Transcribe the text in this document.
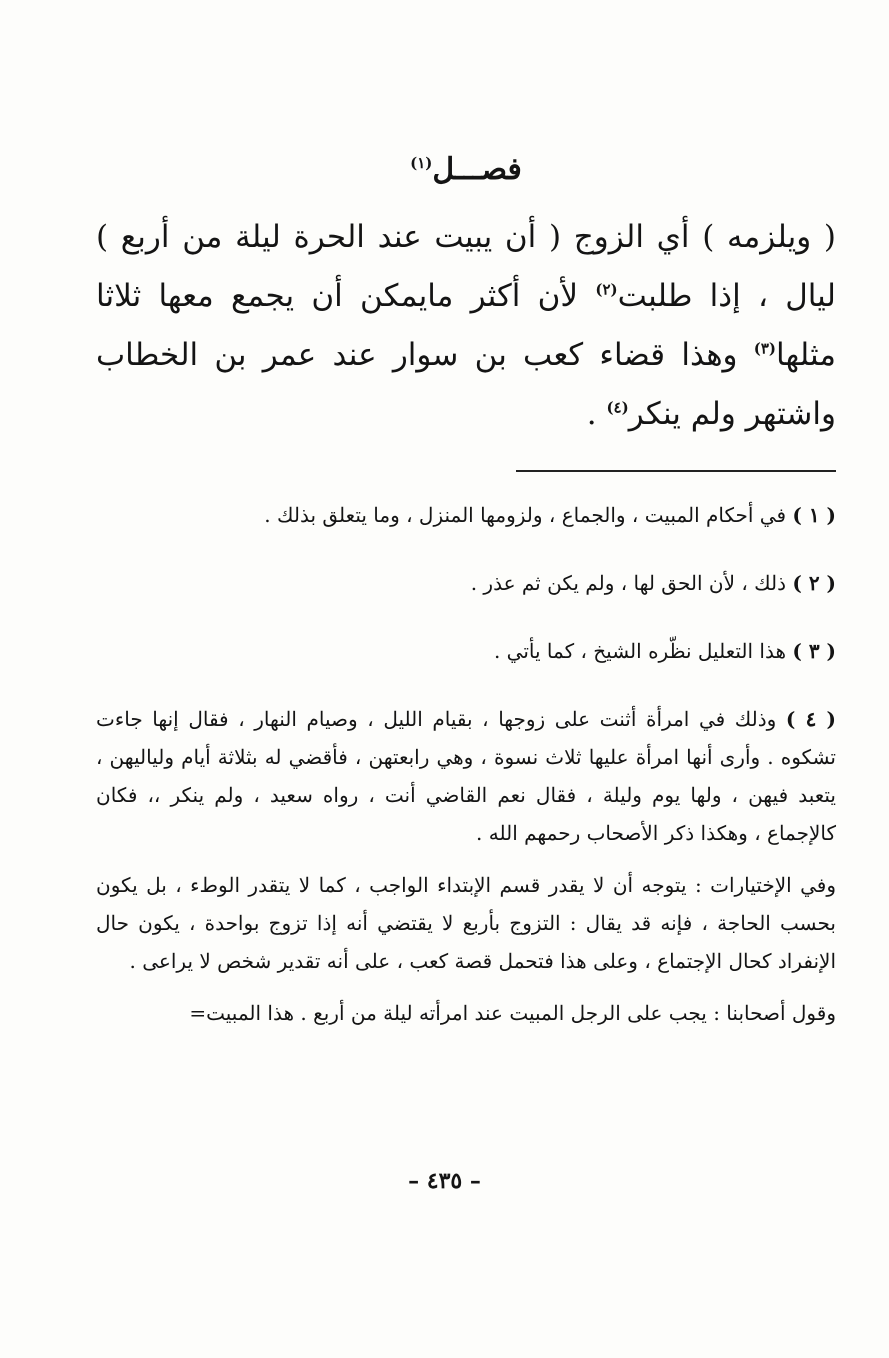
فصـــل$^{(١)}$

( ويلزمه ) أي الزوج ( أن يبيت عند الحرة ليلة من أربع ) ليال ، إذا طلبت$^{(٢)}$ لأن أكثر مايمكن أن يجمع معها ثلاثا مثلها$^{(٣)}$ وهذا قضاء كعب بن سوار عند عمر بن الخطاب واشتهر ولم ينكر$^{(٤)}$ .

( ١ ) في أحكام المبيت ، والجماع ، ولزومها المنزل ، وما يتعلق بذلك .

( ٢ ) ذلك ، لأن الحق لها ، ولم يكن ثم عذر .

( ٣ ) هذا التعليل نظّره الشيخ ، كما يأتي .

( ٤ ) وذلك في امرأة أثنت على زوجها ، بقيام الليل ، وصيام النهار ، فقال إنها جاءت تشكوه . وأرى أنها امرأة عليها ثلاث نسوة ، وهي رابعتهن ، فأقضي له بثلاثة أيام ولياليهن ، يتعبد فيهن ، ولها يوم وليلة ، فقال نعم القاضي أنت ، رواه سعيد ، ولم ينكر ،، فكان كالإجماع ، وهكذا ذكر الأصحاب رحمهم الله .

وفي الإختيارات : يتوجه أن لا يقدر قسم الإبتداء الواجب ، كما لا يتقدر الوطء ، بل يكون بحسب الحاجة ، فإنه قد يقال : التزوج بأربع لا يقتضي أنه إذا تزوج بواحدة ، يكون حال الإنفراد كحال الإجتماع ، وعلى هذا فتحمل قصة كعب ، على أنه تقدير شخص لا يراعى .

وقول أصحابنا : يجب على الرجل المبيت عند امرأته ليلة من أربع . هذا المبيت=

– ٤٣٥ –
